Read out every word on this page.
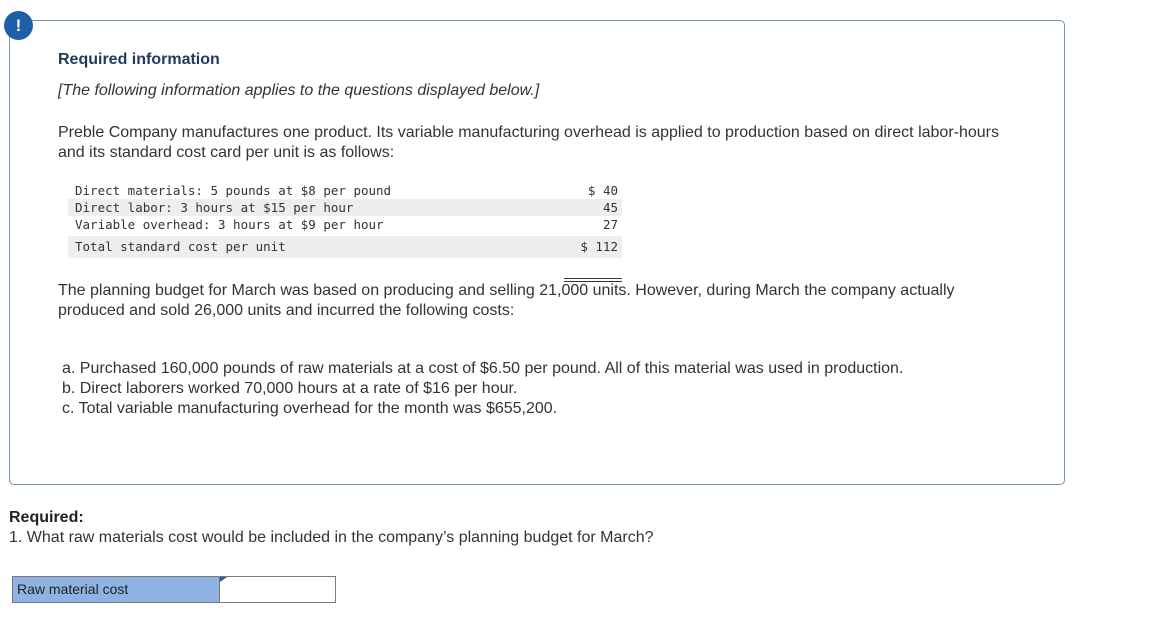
!
Required information

[The following information applies to the questions displayed below.]

Preble Company manufactures one product. Its variable manufacturing overhead is applied to production based on direct labor-hours and its standard cost card per unit is as follows:

Direct materials: 5 pounds at $8 per pound	$ 40
Direct labor: 3 hours at $15 per hour	45
Variable overhead: 3 hours at $9 per hour	27
Total standard cost per unit	$ 112

The planning budget for March was based on producing and selling 21,000 units. However, during March the company actually produced and sold 26,000 units and incurred the following costs:

a. Purchased 160,000 pounds of raw materials at a cost of $6.50 per pound. All of this material was used in production.
b. Direct laborers worked 70,000 hours at a rate of $16 per hour.
c. Total variable manufacturing overhead for the month was $655,200.
Required:

1. What raw materials cost would be included in the company’s planning budget for March?

Raw material cost
